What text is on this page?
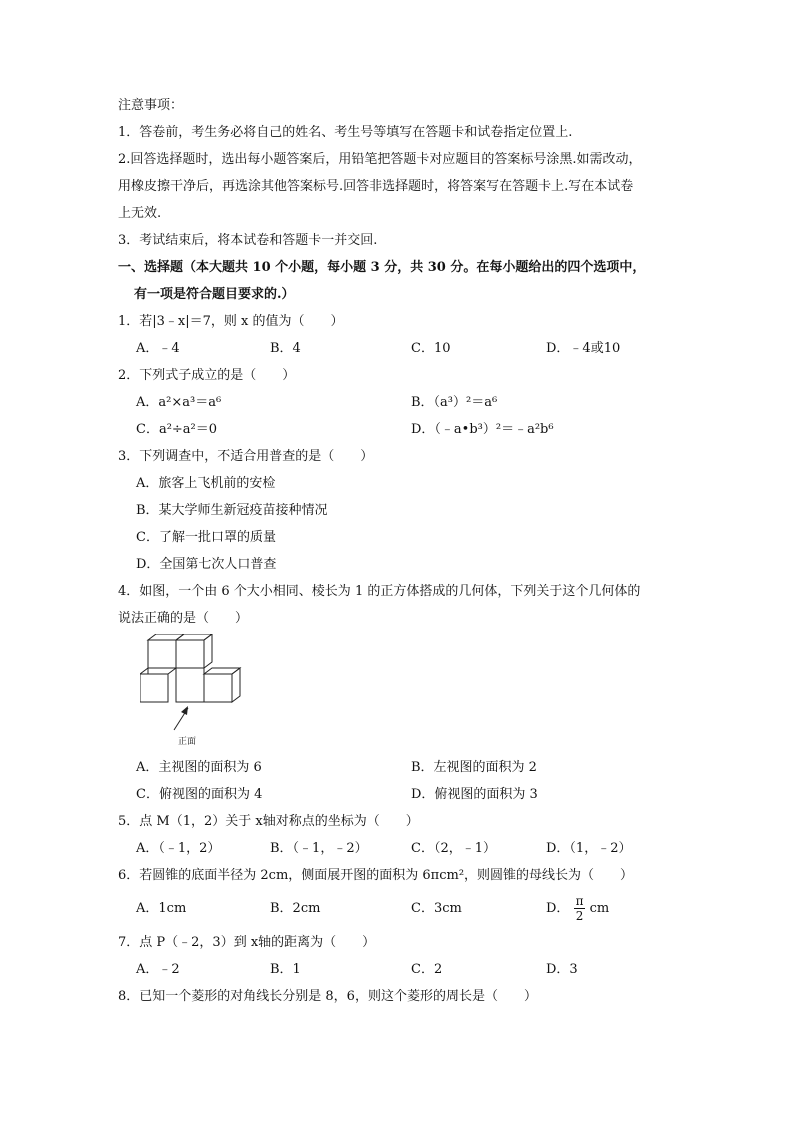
注意事项：
1．答卷前，考生务必将自己的姓名、考生号等填写在答题卡和试卷指定位置上.
2.回答选择题时，选出每小题答案后，用铅笔把答题卡对应题目的答案标号涂黑.如需改动，
用橡皮擦干净后，再选涂其他答案标号.回答非选择题时，将答案写在答题卡上.写在本试卷
上无效.
3．考试结束后，将本试卷和答题卡一并交回.
一、选择题（本大题共 10 个小题，每小题 3 分，共 30 分。在每小题给出的四个选项中，
有一项是符合题目要求的.）
1．若|3﹣x|＝7，则 x 的值为（　　）
A．﹣4	B．4	C．10	D．﹣4或10
2．下列式子成立的是（　　）
A．a²×a³＝a⁶	B．（a³）²＝a⁶
C．a²÷a²＝0	D．（﹣a•b³）²＝﹣a²b⁶
3．下列调查中，不适合用普查的是（　　）
A．旅客上飞机前的安检
B．某大学师生新冠疫苗接种情况
C．了解一批口罩的质量
D．全国第七次人口普查
4．如图，一个由 6 个大小相同、棱长为 1 的正方体搭成的几何体，下列关于这个几何体的
说法正确的是（　　）
正面
A．主视图的面积为 6	B．左视图的面积为 2
C．俯视图的面积为 4	D．俯视图的面积为 3
5．点 M（1，2）关于 x轴对称点的坐标为（　　）
A．（﹣1，2）	B．（﹣1，﹣2）	C．（2，﹣1）	D．（1，﹣2）
6．若圆锥的底面半径为 2cm，侧面展开图的面积为 6πcm²，则圆锥的母线长为（　　）
A．1cm	B．2cm	C．3cm	D． $\frac{\pi}{2}$ cm
7．点 P（﹣2，3）到 x轴的距离为（　　）
A．﹣2	B．1	C．2	D．3
8．已知一个菱形的对角线长分别是 8，6，则这个菱形的周长是（　　）
